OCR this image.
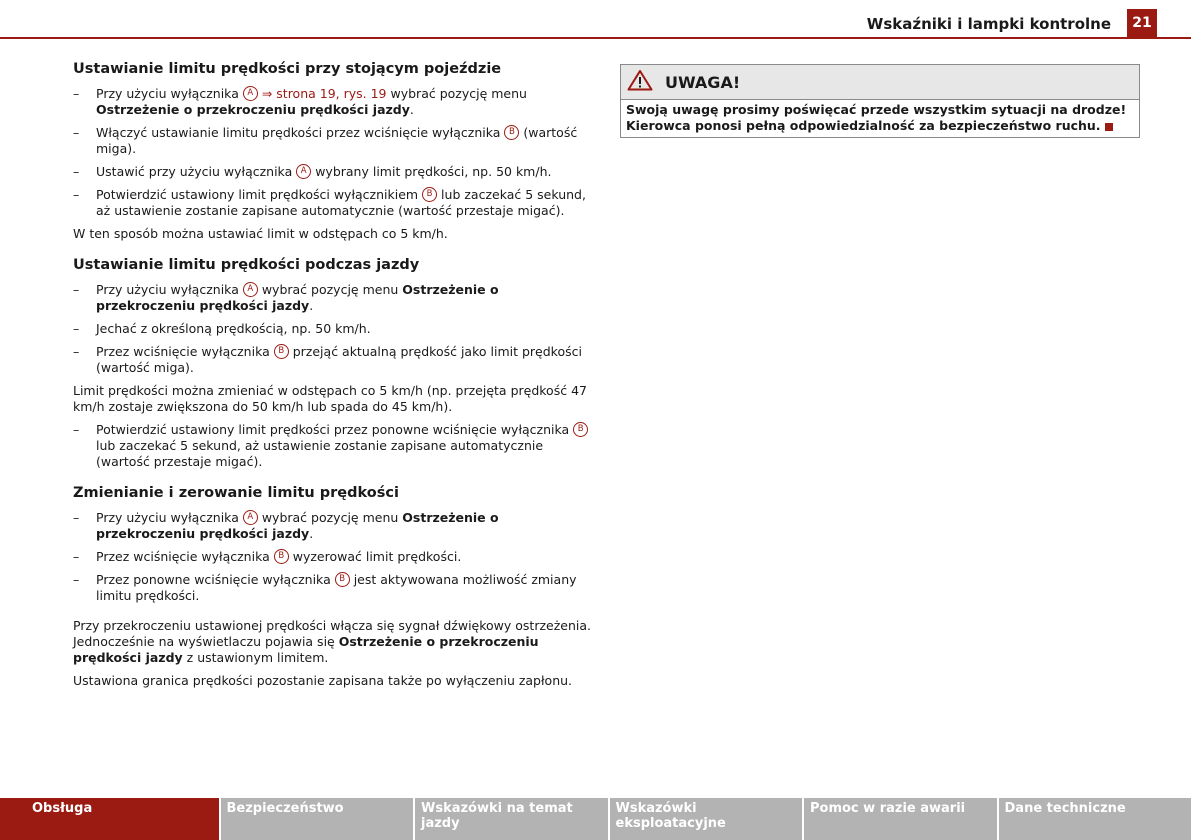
Wskaźniki i lampki kontrolne	21
Ustawianie limitu prędkości przy stojącym pojeździe
– Przy użyciu wyłącznika A ⇒ strona 19, rys. 19 wybrać pozycję menu Ostrzeżenie o przekroczeniu prędkości jazdy.
– Włączyć ustawianie limitu prędkości przez wciśnięcie wyłącznika B (wartość miga).
– Ustawić przy użyciu wyłącznika A wybrany limit prędkości, np. 50 km/h.
– Potwierdzić ustawiony limit prędkości wyłącznikiem B lub zaczekać 5 sekund, aż ustawienie zostanie zapisane automatycznie (wartość przestaje migać).

W ten sposób można ustawiać limit w odstępach co 5 km/h.

Ustawianie limitu prędkości podczas jazdy
– Przy użyciu wyłącznika A wybrać pozycję menu Ostrzeżenie o przekroczeniu prędkości jazdy.
– Jechać z określoną prędkością, np. 50 km/h.
– Przez wciśnięcie wyłącznika B przejąć aktualną prędkość jako limit prędkości (wartość miga).

Limit prędkości można zmieniać w odstępach co 5 km/h (np. przejęta prędkość 47 km/h zostaje zwiększona do 50 km/h lub spada do 45 km/h).

– Potwierdzić ustawiony limit prędkości przez ponowne wciśnięcie wyłącznika B lub zaczekać 5 sekund, aż ustawienie zostanie zapisane automatycznie (wartość przestaje migać).
Zmienianie i zerowanie limitu prędkości
– Przy użyciu wyłącznika A wybrać pozycję menu Ostrzeżenie o przekroczeniu prędkości jazdy.
– Przez wciśnięcie wyłącznika B wyzerować limit prędkości.
– Przez ponowne wciśnięcie wyłącznika B jest aktywowana możliwość zmiany limitu prędkości.

Przy przekroczeniu ustawionej prędkości włącza się sygnał dźwiękowy ostrzeżenia. Jednocześnie na wyświetlaczu pojawia się Ostrzeżenie o przekroczeniu prędkości jazdy z ustawionym limitem.

Ustawiona granica prędkości pozostanie zapisana także po wyłączeniu zapłonu.

UWAGA!
Swoją uwagę prosimy poświęcać przede wszystkim sytuacji na drodze!
Kierowca ponosi pełną odpowiedzialność za bezpieczeństwo ruchu.
Obsługa	Bezpieczeństwo	Wskazówki na temat jazdy
Wskazówki eksploatacyjne
Pomoc w razie awarii	Dane techniczne
